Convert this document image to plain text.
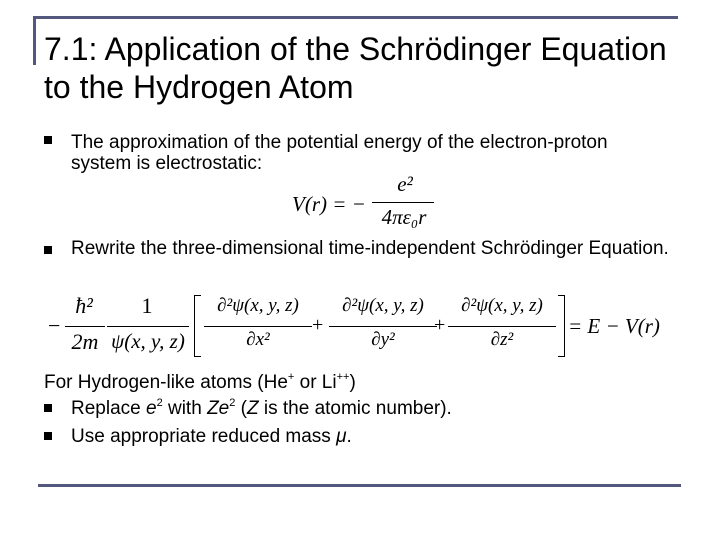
7.1: Application of the Schrödinger Equation to the Hydrogen Atom
The approximation of the potential energy of the electron-proton system is electrostatic:
V(r) = −
e²
4πε₀r
Rewrite the three-dimensional time-independent Schrödinger Equation.
−
ħ²
2m
1
ψ(x, y, z)
∂²ψ(x, y, z)
∂x²
+
∂²ψ(x, y, z)
∂y²
+
∂²ψ(x, y, z)
∂z²
= E − V(r)
For Hydrogen-like atoms (He+ or Li++)
Replace $e^2$ with Ze$^2$ (Z is the atomic number).
Use appropriate reduced mass μ.
